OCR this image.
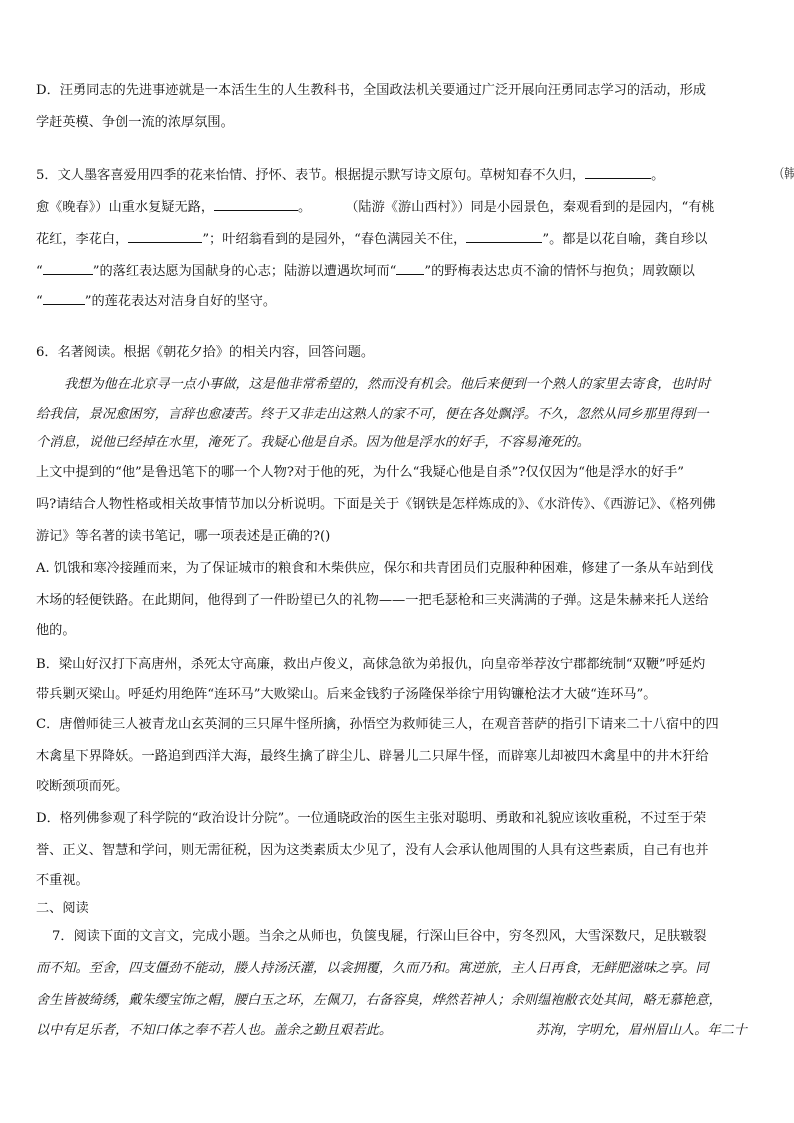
D．汪勇同志的先进事迹就是一本活生生的人生教科书，全国政法机关要通过广泛开展向汪勇同志学习的活动，形成
学赶英模、争创一流的浓厚氛围。
5．文人墨客喜爱用四季的花来怡情、抒怀、表节。根据提示默写诗文原句。草树知春不久归，	。	（韩
愈《晚春》）山重水复疑无路，	。	（陆游《游山西村》）同是小园景色，秦观看到的是园内，“有桃
花红，李花白，	”；叶绍翁看到的是园外，“春色满园关不住，	”。都是以花自喻，龚自珍以
“	”的落红表达愿为国献身的心志；陆游以遭遇坎坷而“ ”的野梅表达忠贞不渝的情怀与抱负；周敦颐以
“	”的莲花表达对洁身自好的坚守。
6．名著阅读。根据《朝花夕拾》的相关内容，回答问题。
我想为他在北京寻一点小事做，这是他非常希望的，然而没有机会。他后来便到一个熟人的家里去寄食，也时时
给我信，景况愈困穷，言辞也愈凄苦。终于又非走出这熟人的家不可，便在各处飘浮。不久，忽然从同乡那里得到一
个消息，说他已经掉在水里，淹死了。我疑心他是自杀。因为他是浮水的好手，不容易淹死的。
上文中提到的“他”是鲁迅笔下的哪一个人物?对于他的死，为什么“我疑心他是自杀”?仅仅因为“他是浮水的好手”
吗?请结合人物性格或相关故事情节加以分析说明。下面是关于《钢铁是怎样炼成的》、《水浒传》、《西游记》、《格列佛
游记》等名著的读书笔记，哪一项表述是正确的?()
A. 饥饿和寒冷接踵而来，为了保证城市的粮食和木柴供应，保尔和共青团员们克服种种困难，修建了一条从车站到伐
木场的轻便铁路。在此期间，他得到了一件盼望已久的礼物——一把毛瑟枪和三夹满满的子弹。这是朱赫来托人送给
他的。
B．梁山好汉打下高唐州，杀死太守高廉，救出卢俊义，高俅急欲为弟报仇，向皇帝举荐汝宁郡都统制“双鞭”呼延灼
带兵剿灭梁山。呼延灼用绝阵“连环马”大败梁山。后来金钱豹子汤隆保举徐宁用钩镰枪法才大破“连环马”。
C．唐僧师徒三人被青龙山玄英洞的三只犀牛怪所擒，孙悟空为救师徒三人，在观音菩萨的指引下请来二十八宿中的四
木禽星下界降妖。一路追到西洋大海，最终生擒了辟尘儿、辟暑儿二只犀牛怪，而辟寒儿却被四木禽星中的井木犴给
咬断颈项而死。
D．格列佛参观了科学院的“政治设计分院”。一位通晓政治的医生主张对聪明、勇敢和礼貌应该收重税，不过至于荣
誉、正义、智慧和学问，则无需征税，因为这类素质太少见了，没有人会承认他周围的人具有这些素质，自己有也并
不重视。
二、阅读
7．阅读下面的文言文，完成小题。当余之从师也，负箧曳屣，行深山巨谷中，穷冬烈风，大雪深数尺，足肤皲裂
而不知。至舍，四支僵劲不能动，媵人持汤沃灌，以衾拥覆，久而乃和。寓逆旅，主人日再食，无鲜肥滋味之享。同
舍生皆被绮绣，戴朱缨宝饰之帽，腰白玉之环，左佩刀，右备容臭，烨然若神人；余则缊袍敝衣处其间，略无慕艳意，
以中有足乐者，不知口体之奉不若人也。盖余之勤且艰若此。	苏洵，字明允，眉州眉山人。年二十
